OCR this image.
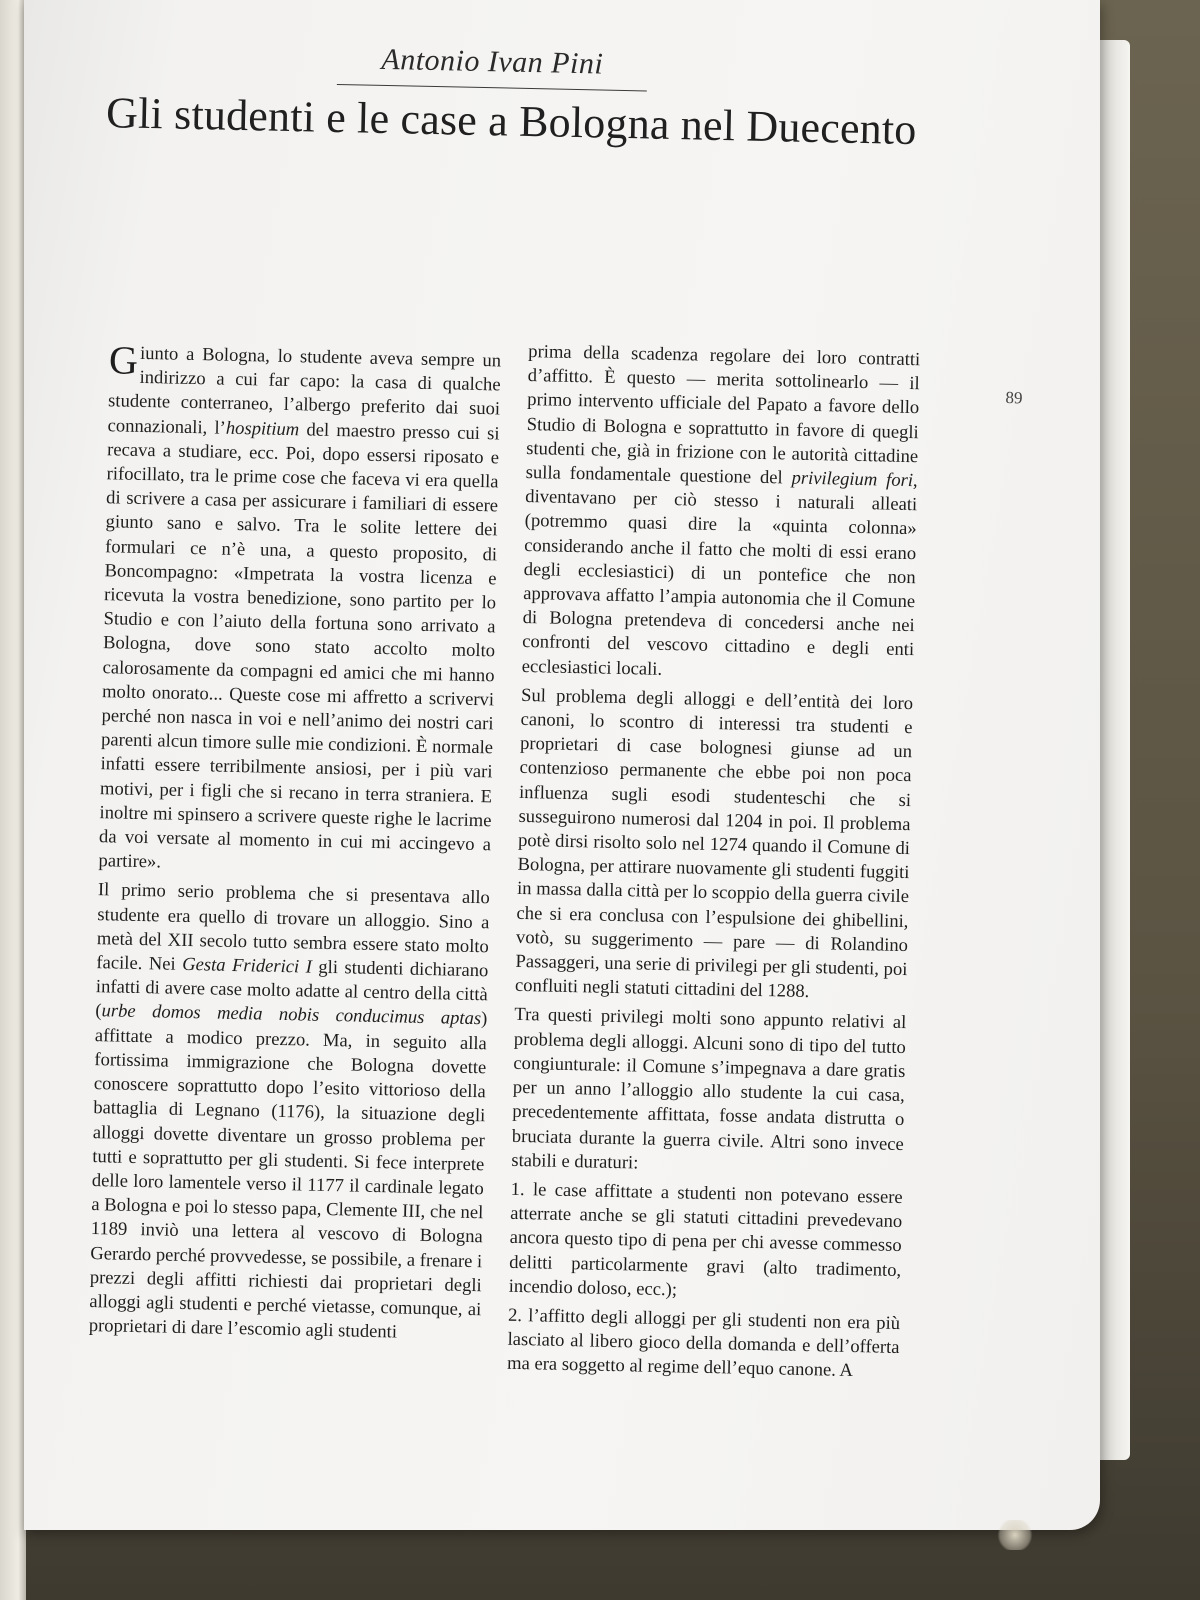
Antonio Ivan Pini
Gli studenti e le case a Bologna nel Duecento
89

Giunto a Bologna, lo studente aveva sempre un indirizzo a cui far capo: la casa di qualche studente conterraneo, l’albergo preferito dai suoi connazionali, l’hospitium del maestro presso cui si recava a studiare, ecc. Poi, dopo essersi riposato e rifocillato, tra le prime cose che faceva vi era quella di scrivere a casa per assicurare i familiari di essere giunto sano e salvo. Tra le solite lettere dei formulari ce n’è una, a questo proposito, di Boncompagno: «Impetrata la vostra licenza e ricevuta la vostra benedizione, sono partito per lo Studio e con l’aiuto della fortuna sono arrivato a Bologna, dove sono stato accolto molto calorosamente da compagni ed amici che mi hanno molto onorato... Queste cose mi affretto a scrivervi perché non nasca in voi e nell’animo dei nostri cari parenti alcun timore sulle mie condizioni. È normale infatti essere terribilmente ansiosi, per i più vari motivi, per i figli che si recano in terra straniera. E inoltre mi spinsero a scrivere queste righe le lacrime da voi versate al momento in cui mi accingevo a partire».

Il primo serio problema che si presentava allo studente era quello di trovare un alloggio. Sino a metà del XII secolo tutto sembra essere stato molto facile. Nei Gesta Friderici I gli studenti dichiarano infatti di avere case molto adatte al centro della città (urbe domos media nobis conducimus aptas) affittate a modico prezzo. Ma, in seguito alla fortissima immigrazione che Bologna dovette conoscere soprattutto dopo l’esito vittorioso della battaglia di Legnano (1176), la situazione degli alloggi dovette diventare un grosso problema per tutti e soprattutto per gli studenti. Si fece interprete delle loro lamentele verso il 1177 il cardinale legato a Bologna e poi lo stesso papa, Clemente III, che nel 1189 inviò una lettera al vescovo di Bologna Gerardo perché provvedesse, se possibile, a frenare i prezzi degli affitti richiesti dai proprietari degli alloggi agli studenti e perché vietasse, comunque, ai proprietari di dare l’escomio agli studenti

prima della scadenza regolare dei loro contratti d’affitto. È questo — merita sottolinearlo — il primo intervento ufficiale del Papato a favore dello Studio di Bologna e soprattutto in favore di quegli studenti che, già in frizione con le autorità cittadine sulla fondamentale questione del privilegium fori, diventavano per ciò stesso i naturali alleati (potremmo quasi dire la «quinta colonna» considerando anche il fatto che molti di essi erano degli ecclesiastici) di un pontefice che non approvava affatto l’ampia autonomia che il Comune di Bologna pretendeva di concedersi anche nei confronti del vescovo cittadino e degli enti ecclesiastici locali.

Sul problema degli alloggi e dell’entità dei loro canoni, lo scontro di interessi tra studenti e proprietari di case bolognesi giunse ad un contenzioso permanente che ebbe poi non poca influenza sugli esodi studenteschi che si susseguirono numerosi dal 1204 in poi. Il problema potè dirsi risolto solo nel 1274 quando il Comune di Bologna, per attirare nuovamente gli studenti fuggiti in massa dalla città per lo scoppio della guerra civile che si era conclusa con l’espulsione dei ghibellini, votò, su suggerimento — pare — di Rolandino Passaggeri, una serie di privilegi per gli studenti, poi confluiti negli statuti cittadini del 1288.

Tra questi privilegi molti sono appunto relativi al problema degli alloggi. Alcuni sono di tipo del tutto congiunturale: il Comune s’impegnava a dare gratis per un anno l’alloggio allo studente la cui casa, precedentemente affittata, fosse andata distrutta o bruciata durante la guerra civile. Altri sono invece stabili e duraturi:

1. le case affittate a studenti non potevano essere atterrate anche se gli statuti cittadini prevedevano ancora questo tipo di pena per chi avesse commesso delitti particolarmente gravi (alto tradimento, incendio doloso, ecc.);

2. l’affitto degli alloggi per gli studenti non era più lasciato al libero gioco della domanda e dell’offerta ma era soggetto al regime dell’equo canone. A
